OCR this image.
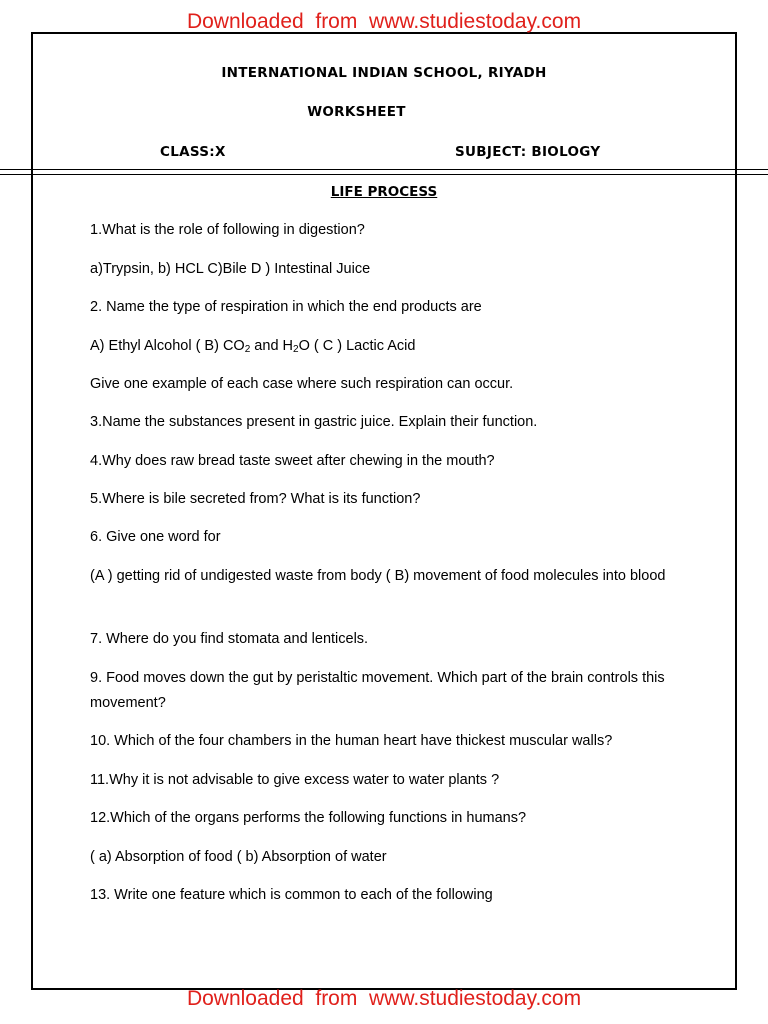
Downloaded  from  www.studiestoday.com
INTERNATIONAL INDIAN SCHOOL, RIYADH
WORKSHEET
CLASS:X	SUBJECT: BIOLOGY
LIFE PROCESS
1.What is the role of following in digestion?
a)Trypsin, b) HCL C)Bile D ) Intestinal Juice
2. Name the type of respiration in which the end products are
A) Ethyl Alcohol ( B) $CO_2$ and $H_2O$ ( C ) Lactic Acid
Give one example of each case where such respiration can occur.
3.Name the substances present in gastric juice. Explain their function.
4.Why does raw bread taste sweet after chewing in the mouth?
5.Where is bile secreted from? What is its function?
6. Give one word for
(A ) getting rid of undigested waste from body ( B) movement of food molecules into blood
7. Where do you find stomata and lenticels.
9. Food moves down the gut by peristaltic movement. Which part of the brain controls this movement?
10. Which of the four chambers in the human heart have thickest muscular walls?
11.Why it is not advisable to give excess water to water plants ?
12.Which of the organs performs the following functions in humans?
( a) Absorption of food ( b) Absorption of water
13. Write one feature which is common to each of the following
Downloaded  from  www.studiestoday.com
